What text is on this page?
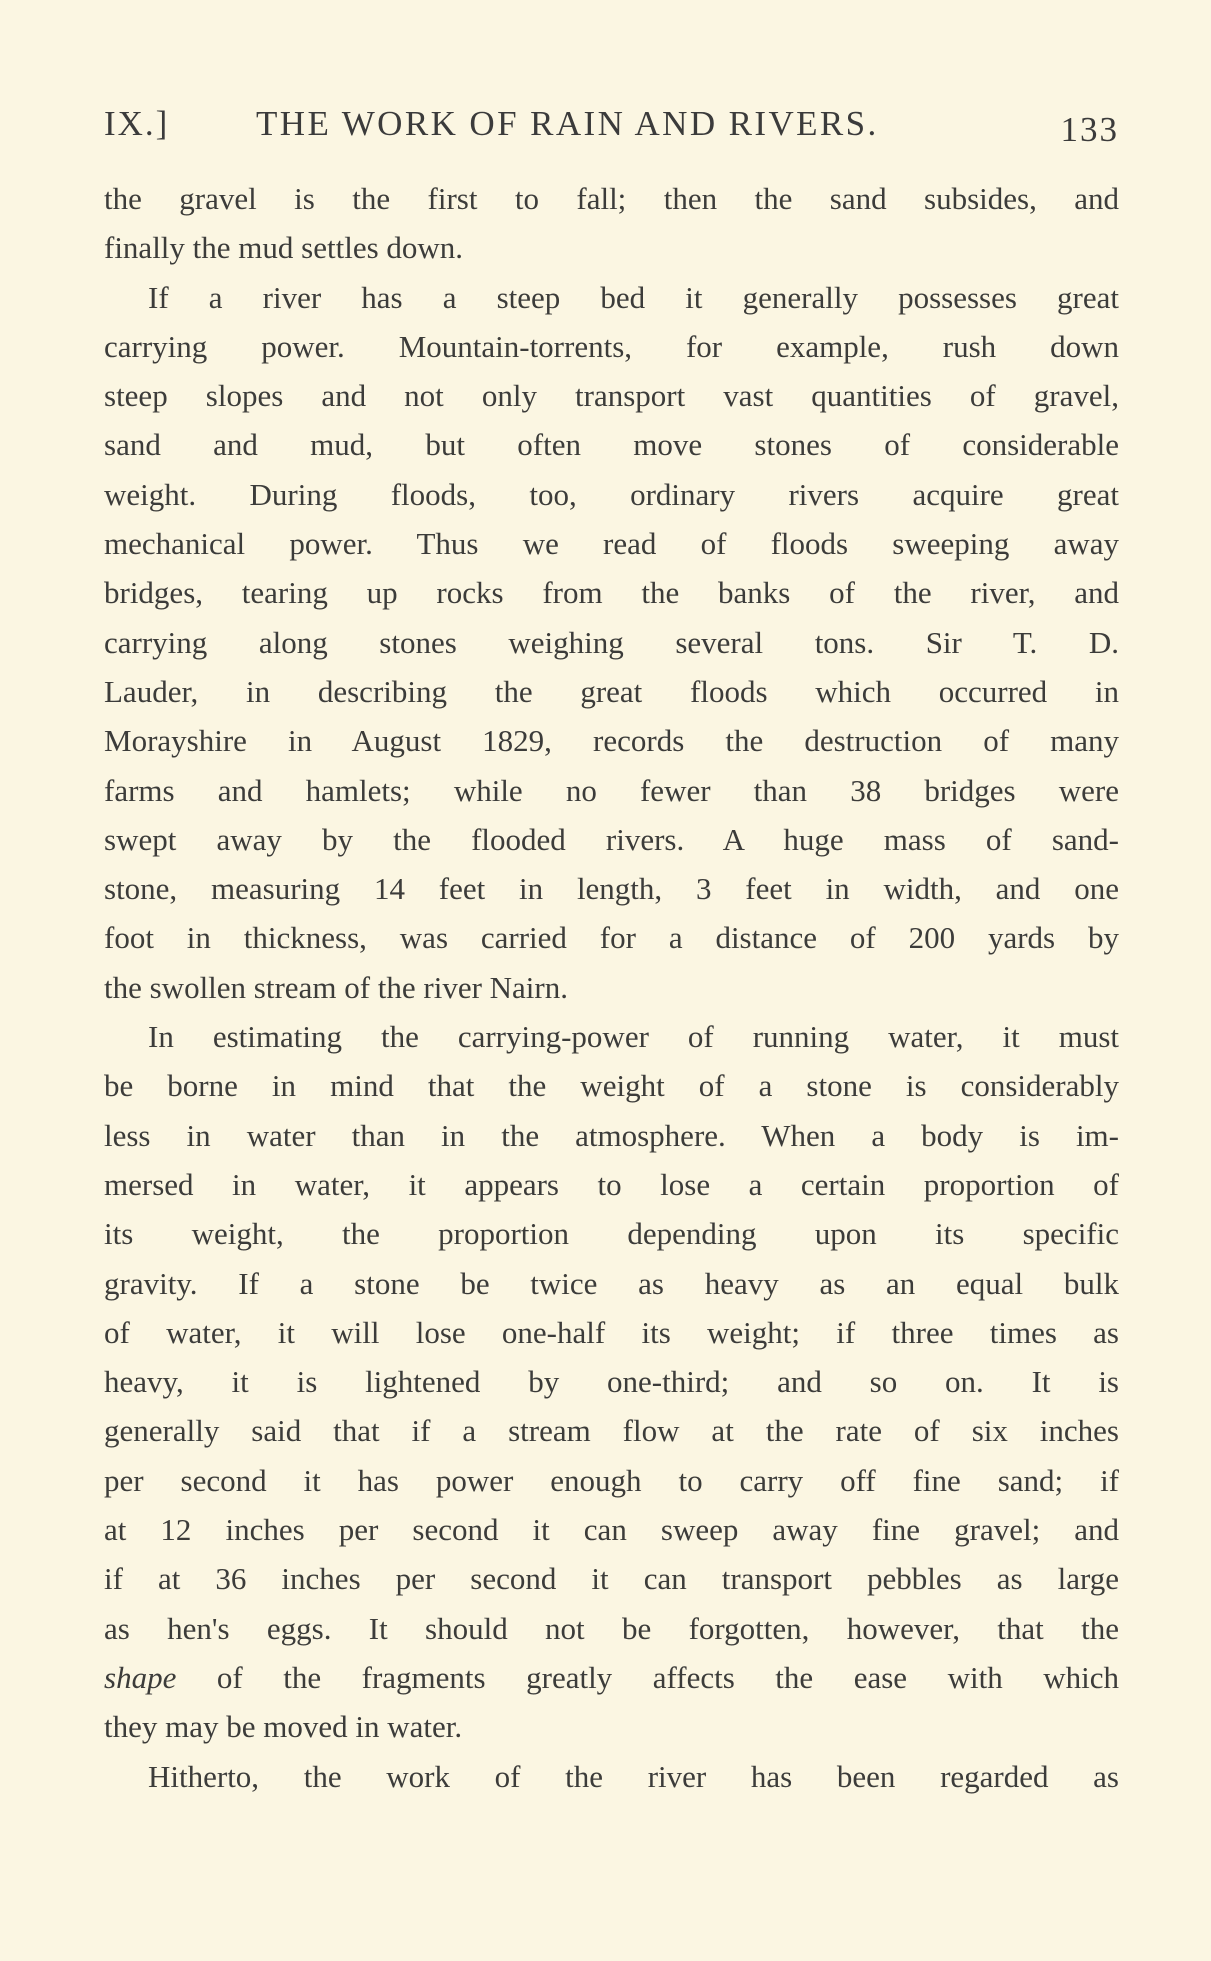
IX.] THE WORK OF RAIN AND RIVERS.	133
the gravel is the first to fall; then the sand subsides, and
finally the mud settles down.
If a river has a steep bed it generally possesses great
carrying power. Mountain-torrents, for example, rush down
steep slopes and not only transport vast quantities of gravel,
sand and mud, but often move stones of considerable
weight. During floods, too, ordinary rivers acquire great
mechanical power. Thus we read of floods sweeping away
bridges, tearing up rocks from the banks of the river, and
carrying along stones weighing several tons. Sir T. D.
Lauder, in describing the great floods which occurred in
Morayshire in August 1829, records the destruction of many
farms and hamlets; while no fewer than 38 bridges were
swept away by the flooded rivers. A huge mass of sand-
stone, measuring 14 feet in length, 3 feet in width, and one
foot in thickness, was carried for a distance of 200 yards by
the swollen stream of the river Nairn.
In estimating the carrying-power of running water, it must
be borne in mind that the weight of a stone is considerably
less in water than in the atmosphere. When a body is im-
mersed in water, it appears to lose a certain proportion of
its weight, the proportion depending upon its specific
gravity. If a stone be twice as heavy as an equal bulk
of water, it will lose one-half its weight; if three times as
heavy, it is lightened by one-third; and so on. It is
generally said that if a stream flow at the rate of six inches
per second it has power enough to carry off fine sand; if
at 12 inches per second it can sweep away fine gravel; and
if at 36 inches per second it can transport pebbles as large
as hen's eggs. It should not be forgotten, however, that the
shape of the fragments greatly affects the ease with which
they may be moved in water.
Hitherto, the work of the river has been regarded as
